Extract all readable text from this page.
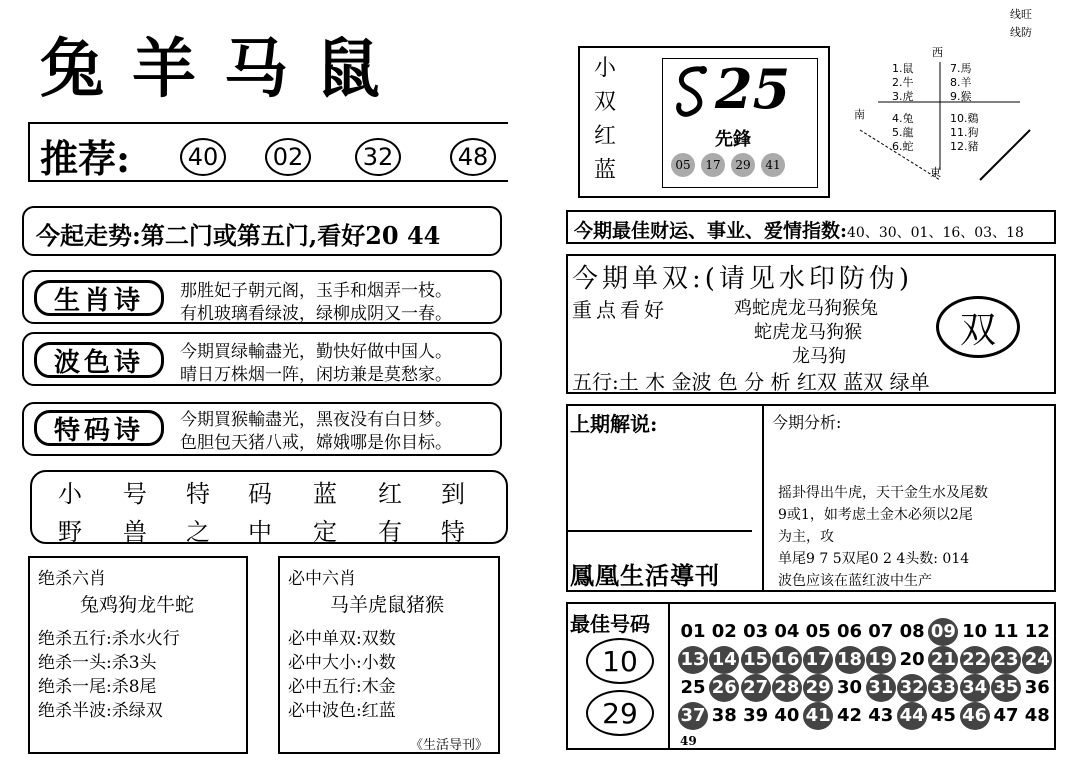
兔羊马鼠
推荐:	40	02	32	48
今起走势:第二门或第五门,看好20 44
生肖诗	那胜妃子朝元阁，玉手和烟弄一枝。
有机玻璃看绿波，绿柳成阴又一春。
波色诗	今期買绿輸盡光，勤快好做中国人。
晴日万株烟一阵，闲坊兼是莫愁家。
特码诗	今期買猴輸盡光，黑夜没有白日梦。
色胆包天猪八戒，嫦娥哪是你目标。
小	号	特	码	蓝	红	到
野	兽	之	中	定	有	特
绝杀六肖
兔鸡狗龙牛蛇
绝杀五行:杀水火行
绝杀一头:杀3头
绝杀一尾:杀8尾
绝杀半波:杀绿双
必中六肖
马羊虎鼠猪猴
必中单双:双数
必中大小:小数
必中五行:木金
必中波色:红蓝
《生活导刊》
小
双
红
蓝
25
先鋒
05	17	29	41
线旺
线防
西
南
東
1.鼠
2.牛
3.虎
7.馬
8.羊
9.猴
4.兔
5.龍
6.蛇
10.鷄
11.狗
12.豬
今期最佳财运、事业、爱情指数:40、30、01、16、03、18
今期单双:(请见水印防伪)
重点看好	鸡蛇虎龙马狗猴兔
蛇虎龙马狗猴
龙马狗
双
五行:土 木 金波 色 分 析 红双 蓝双 绿单
上期解说:	今期分析:
摇卦得出牛虎，天干金生水及尾数
9或1，如考虑土金木必须以2尾
为主，攻
单尾9 7 5双尾0 2 4头数: 014
波色应该在蓝红波中生产
鳳凰生活導刊
最佳号码
10
29
01 02 03 04 05 06 07 08 09 10 11 12
13 14 15 16 17 18 19 20 21 22 23 24
25 26 27 28 29 30 31 32 33 34 35 36
37 38 39 40 41 42 43 44 45 46 47 48
49
